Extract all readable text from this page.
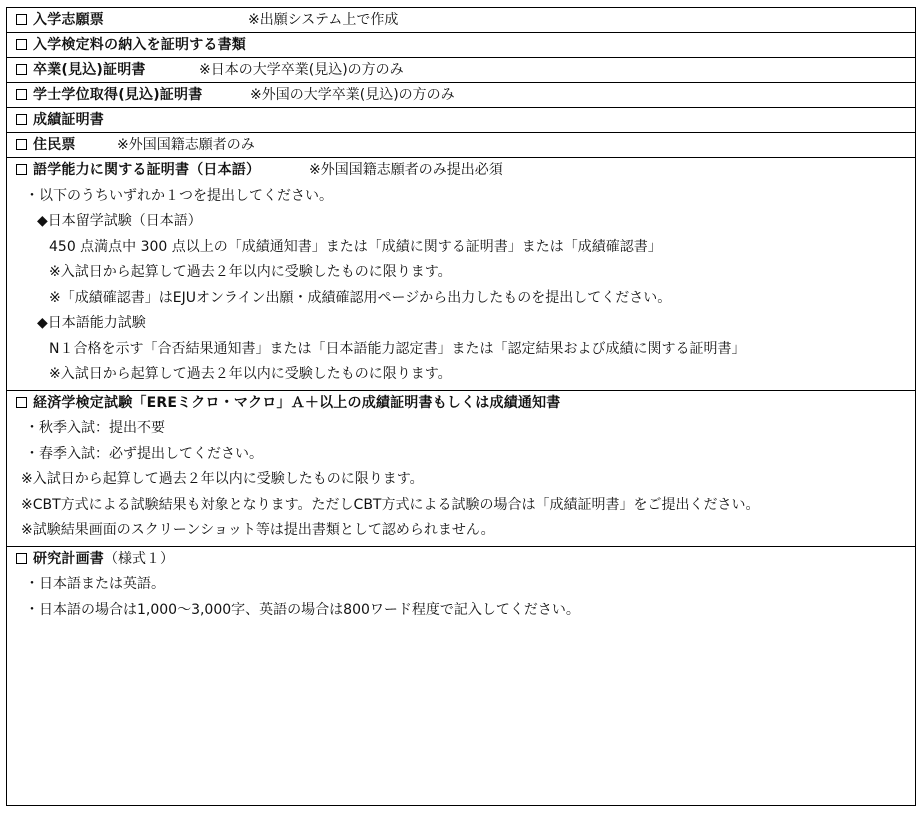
入学志願票	※出願システム上で作成
入学検定料の納入を証明する書類
卒業(見込)証明書	※日本の大学卒業(見込)の方のみ
学士学位取得(見込)証明書	※外国の大学卒業(見込)の方のみ
成績証明書
住民票	※外国国籍志願者のみ
語学能力に関する証明書（日本語）	※外国国籍志願者のみ提出必須
・以下のうちいずれか１つを提出してください。
◆日本留学試験（日本語）
450 点満点中 300 点以上の「成績通知書」または「成績に関する証明書」または「成績確認書」
※入試日から起算して過去２年以内に受験したものに限ります。
※「成績確認書」はEJUオンライン出願・成績確認用ページから出力したものを提出してください。
◆日本語能力試験
N１合格を示す「合否結果通知書」または「日本語能力認定書」または「認定結果および成績に関する証明書」
※入試日から起算して過去２年以内に受験したものに限ります。
経済学検定試験「EREミクロ・マクロ」Ａ＋以上の成績証明書もしくは成績通知書
・秋季入試：提出不要
・春季入試：必ず提出してください。
※入試日から起算して過去２年以内に受験したものに限ります。
※CBT方式による試験結果も対象となります。ただしCBT方式による試験の場合は「成績証明書」をご提出ください。
※試験結果画面のスクリーンショット等は提出書類として認められません。
研究計画書（様式１）
・日本語または英語。
・日本語の場合は1,000～3,000字、英語の場合は800ワード程度で記入してください。
